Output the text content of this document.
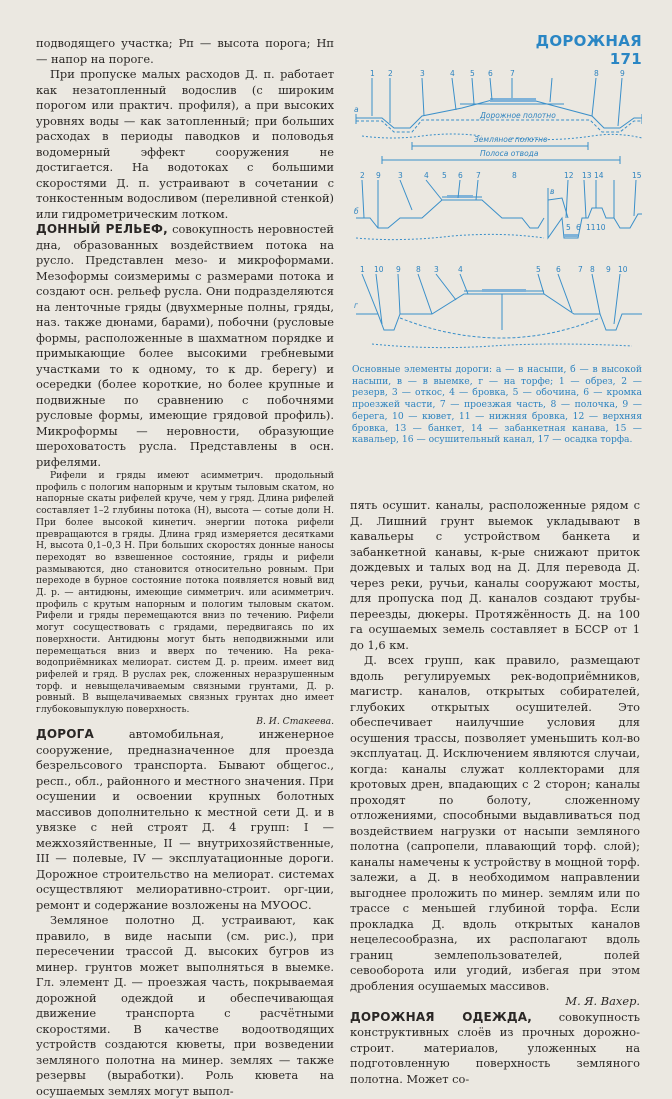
ДОРОЖНАЯ 171

подводящего участка; Pп — высота порога; Hп — напор на пороге.

При пропуске малых расходов Д. п. работает как незатопленный водослив (с широким порогом или практич. профиля), а при высоких уровнях воды — как затопленный; при больших расходах в периоды паводков и половодья водомерный эффект сооружения не достигается. На водотоках с большими скоростями Д. п. устраивают в сочетании с тонкостенным водосливом (переливной стенкой) или гидрометрическим лотком.

ДОННЫЙ РЕЛЬЕФ, совокупность неровностей дна, образованных воздействием потока на русло. Представлен мезо- и микроформами. Мезоформы соизмеримы с размерами потока и создают осн. рельеф русла. Они подразделяются на ленточные гряды (двухмерные полны, гряды, наз. также дюнами, барами), побочни (русловые формы, расположенные в шахматном порядке и примыкающие более высокими гребневыми участками то к одному, то к др. берегу) и осередки (более короткие, но более крупные и подвижные по сравнению с побочнями русловые формы, имеющие грядовой профиль). Микроформы — неровности, образующие шероховатость русла. Представлены в осн. рифелями.

Рифели и гряды имеют асимметрич. продольный профиль с пологим напорным и крутым тыловым скатом, но напорные скаты рифелей круче, чем у гряд. Длина рифелей составляет 1–2 глубины потока (H), высота — сотые доли H. При более высокой кинетич. энергии потока рифели превращаются в гряды. Длина гряд измеряется десятками H, высота 0,1–0,3 H. При больших скоростях донные наносы переходят во взвешенное состояние, гряды и рифели размываются, дно становится относительно ровным. При переходе в бурное состояние потока появляется новый вид Д. р. — антидюны, имеющие симметрич. или асимметрич. профиль с крутым напорным и пологим тыловым скатом. Рифели и гряды перемещаются вниз по течению. Рифели могут сосуществовать с грядами, передвигаясь по их поверхности. Антидюны могут быть неподвижными или перемещаться вниз и вверх по течению. На река-водоприёмниках мелиорат. систем Д. р. преим. имеет вид рифелей и гряд. В руслах рек, сложенных неразрушенным торф. и невыщелачиваемым связными грунтами, Д. р. ровный. В выщелачиваемых связных грунтах дно имеет глубоковыпуклую поверхность.

В. И. Стакеева.

ДОРОГА	автомобильная, инженерное сооружение, предназначенное для проезда безрельсового транспорта. Бывают общегос., респ., обл., районного и местного значения. При осушении и освоении крупных болотных массивов дополнительно к местной сети Д. и в увязке с ней строят Д. 4 групп: I — межхозяйственные, II — внутрихозяйственные, III — полевые, IV — эксплуатационные дороги. Дорожное строительство на мелиорат. системах осуществляют мелиоративно-строит. орг-ции, ремонт и содержание возложены на МУООС.

Земляное полотно Д. устраивают, как правило, в виде насыпи (см. рис.), при пересечении трассой Д. высоких бугров из минер. грунтов может выполняться в выемке. Гл. элемент Д. — проезжая часть, покрываемая дорожной одеждой и обеспечивающая движение транспорта с расчётными скоростями. В качестве водоотводящих устройств создаются кюветы, при возведении земляного полотна на минер. землях — также резервы (выработки). Роль кювета на осушаемых землях могут выпол-

Дорожное полотно
Земляное полотно
Полоса отвода
1 2	3	4 5 6 7	8	9
а
2 9 3	4 5 6 7	8
б
12 13 14	15
5 6 11 10
в
1 10 9 8 3	4	5 6 7 8 9 10
г

Основные элементы дороги: а — в насыпи, б — в высокой насыпи, в — в выемке, г — на торфе; 1 — обрез, 2 — резерв, 3 — откос, 4 — бровка, 5 — обочина, 6 — кромка проезжей части, 7 — проезжая часть, 8 — полочка, 9 — берега, 10 — кювет, 11 — нижняя бровка, 12 — верхняя бровка, 13 — банкет, 14 — забанкетная канава, 15 — кавальер, 16 — осушительный канал, 17 — осадка торфа.

пять осушит. каналы, расположенные рядом с Д. Лишний грунт выемок укладывают в кавальеры с устройством банкета и забанкетной канавы, к-рые снижают приток дождевых и талых вод на Д. Для перевода Д. через реки, ручьи, каналы сооружают мосты, для пропуска под Д. каналов создают трубы-переезды, дюкеры. Протяжённость Д. на 100 га осушаемых земель составляет в БССР от 1 до 1,6 км.

Д. всех групп, как правило, размещают вдоль регулируемых рек-водоприёмников, магистр. каналов, открытых собирателей, глубоких открытых осушителей. Это обеспечивает наилучшие условия для осушения трассы, позволяет уменьшить кол-во эксплуатац. Д. Исключением являются случаи, когда: каналы служат коллекторами для кротовых дрен, впадающих с 2 сторон; каналы проходят по болоту, сложенному отложениями, способными выдавливаться под воздействием нагрузки от насыпи земляного полотна (сапропели, плавающий торф. слой); каналы намечены к устройству в мощной торф. залежи, а Д. в необходимом направлении выгоднее проложить по минер. землям или по трассе с меньшей глубиной торфа. Если прокладка Д. вдоль открытых каналов нецелесообразна, их располагают вдоль границ землепользователей, полей севооборота или угодий, избегая при этом дробления осушаемых массивов.

М. Я. Вахер.

ДОРОЖНАЯ ОДЕЖДА, совокупность конструктивных слоёв из прочных дорожно-строит. материалов, уложенных на подготовленную поверхность земляного полотна. Может со-
